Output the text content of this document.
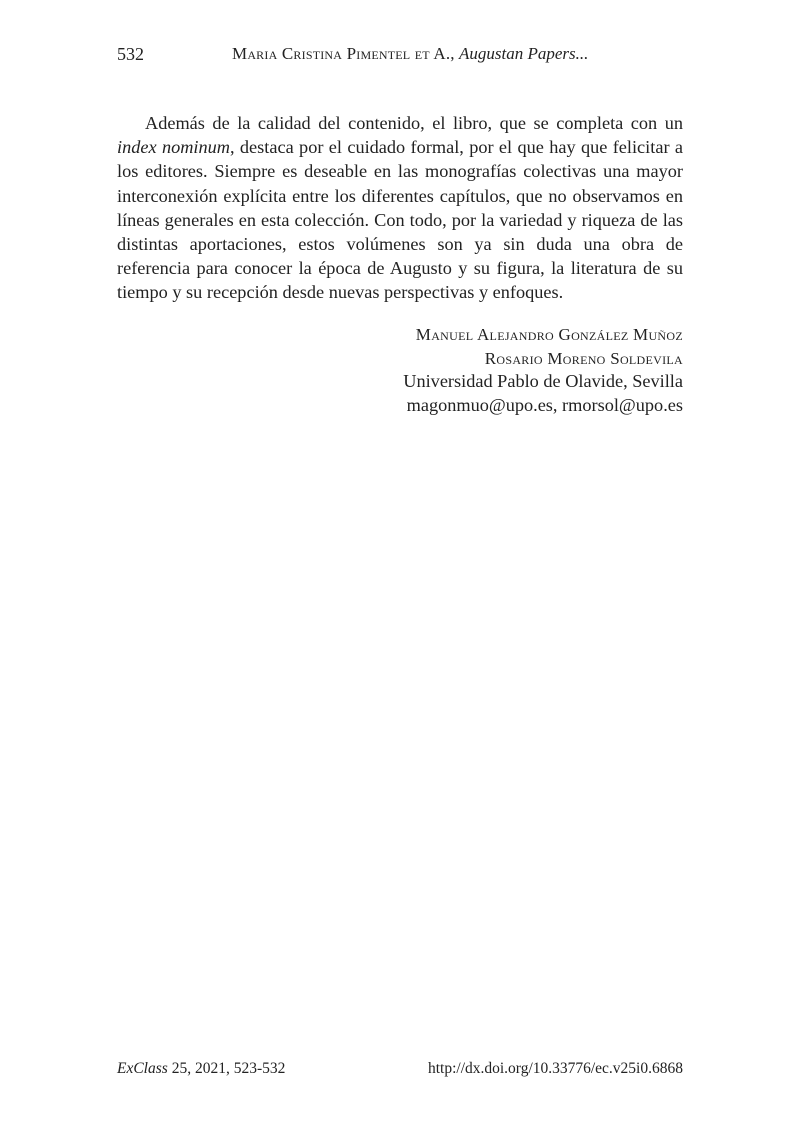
532	Maria Cristina Pimentel et A., Augustan Papers...

Además de la calidad del contenido, el libro, que se completa con un index nominum, destaca por el cuidado formal, por el que hay que felicitar a los editores. Siempre es deseable en las monografías colectivas una mayor interconexión explícita entre los diferentes capítulos, que no observamos en líneas generales en esta colección. Con todo, por la variedad y riqueza de las distintas aportaciones, estos volúmenes son ya sin duda una obra de referencia para conocer la época de Augusto y su figura, la literatura de su tiempo y su recepción desde nuevas perspectivas y enfoques.

Manuel Alejandro González Muñoz
Rosario Moreno Soldevila
Universidad Pablo de Olavide, Sevilla
magonmuo@upo.es, rmorsol@upo.es
ExClass 25, 2021, 523-532	http://dx.doi.org/10.33776/ec.v25i0.6868
